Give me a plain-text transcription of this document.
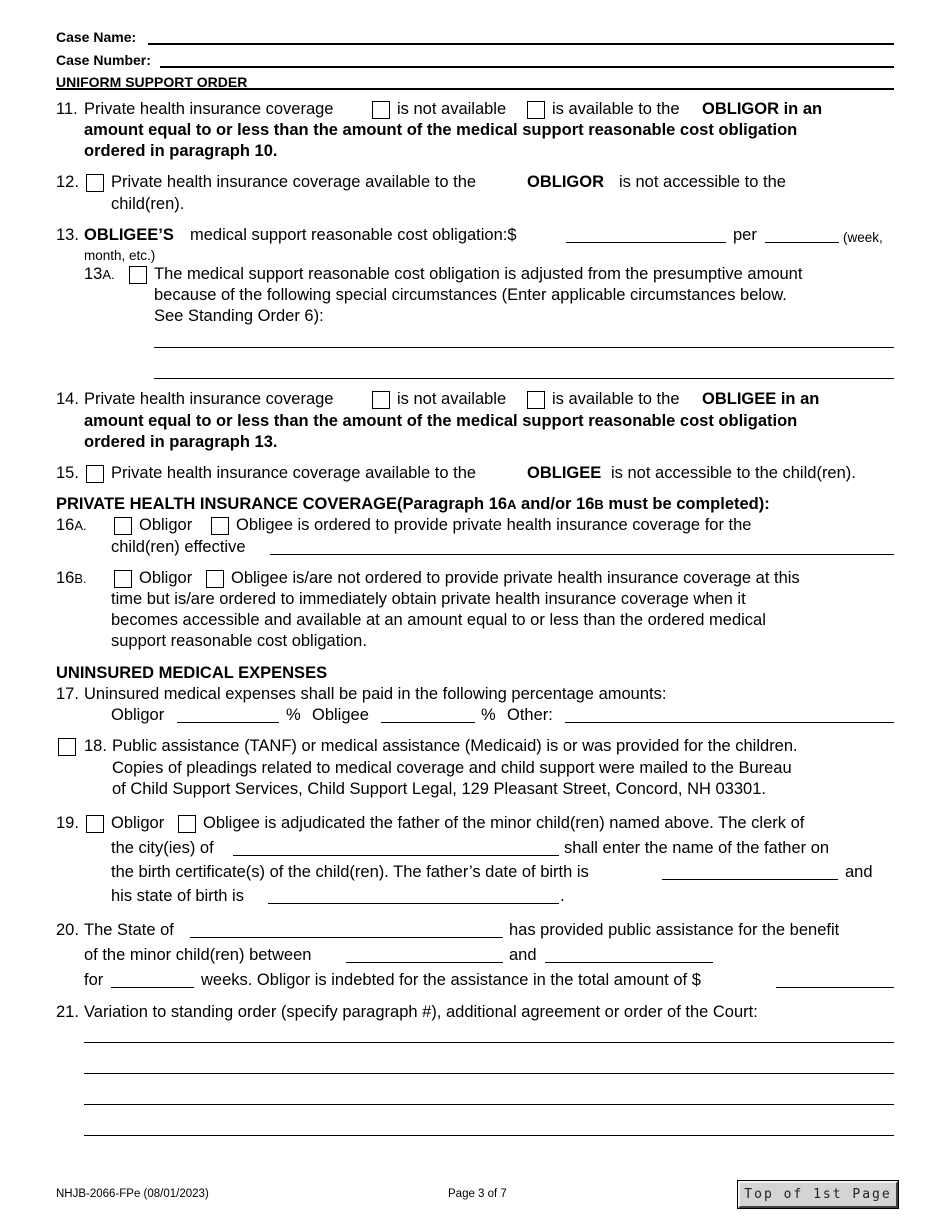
Case Name:
Case Number:
UNIFORM SUPPORT ORDER
11. Private health insurance coverage	is not available	is available to the OBLIGOR in an
amount equal to or less than the amount of the medical support reasonable cost obligation
ordered in paragraph 10.
12. Private health insurance coverage available to the	OBLIGOR is not accessible to the
child(ren).
13. OBLIGEE’S medical support reasonable cost obligation:$	per	(week,
month, etc.)
13A. The medical support reasonable cost obligation is adjusted from the presumptive amount
because of the following special circumstances (Enter applicable circumstances below.
See Standing Order 6):
14. Private health insurance coverage	is not available	is available to the OBLIGEE in an
amount equal to or less than the amount of the medical support reasonable cost obligation
ordered in paragraph 13.
15. Private health insurance coverage available to the	OBLIGEE is not accessible to the child(ren).
PRIVATE HEALTH INSURANCE COVERAGE(Paragraph 16A and/or 16B must be completed):
16A.	Obligor	Obligee is ordered to provide private health insurance coverage for the
child(ren) effective
16B.	Obligor Obligee is/are not ordered to provide private health insurance coverage at this
time but is/are ordered to immediately obtain private health insurance coverage when it
becomes accessible and available at an amount equal to or less than the ordered medical
support reasonable cost obligation.
UNINSURED MEDICAL EXPENSES
17. Uninsured medical expenses shall be paid in the following percentage amounts:
Obligor	% Obligee	% Other:
18. Public assistance (TANF) or medical assistance (Medicaid) is or was provided for the children.
Copies of pleadings related to medical coverage and child support were mailed to the Bureau
of Child Support Services, Child Support Legal, 129 Pleasant Street, Concord, NH 03301.
19. Obligor Obligee is adjudicated the father of the minor child(ren) named above. The clerk of
the city(ies) of	shall enter the name of the father on
the birth certificate(s) of the child(ren). The father’s date of birth is	and
his state of birth is	.
20. The State of	has provided public assistance for the benefit
of the minor child(ren) between	and
for	weeks. Obligor is indebted for the assistance in the total amount of $
21. Variation to standing order (specify paragraph #), additional agreement or order of the Court:
NHJB-2066-FPe (08/01/2023)	Page 3 of 7	Top of 1st Page
